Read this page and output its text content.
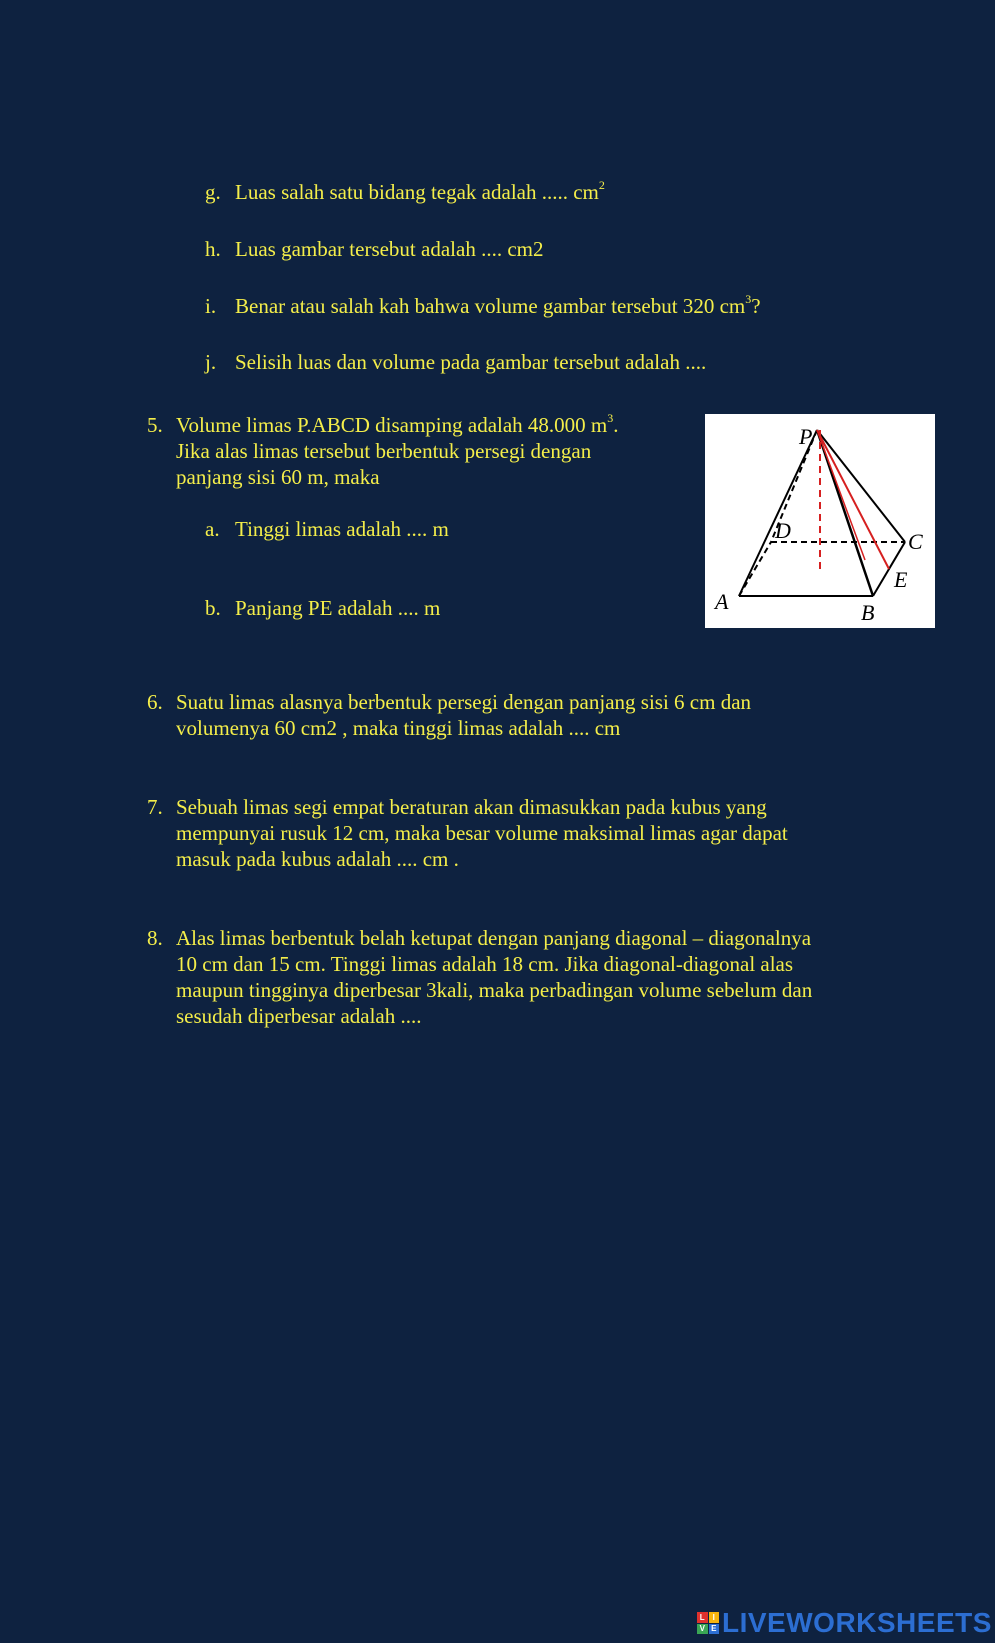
g. Luas salah satu bidang tegak adalah ..... $cm^2$
h. Luas gambar tersebut adalah .... cm2
i. Benar atau salah kah bahwa volume gambar tersebut 320 $cm^3$?
j. Selisih luas dan volume pada gambar tersebut adalah ....
5. Volume limas P.ABCD disamping adalah 48.000 $m^3$.
Jika alas limas tersebut berbentuk persegi dengan
panjang sisi 60 m, maka
a. Tinggi limas adalah .... m
b. Panjang PE adalah .... m
P
D	C
E
A	B
6. Suatu limas alasnya berbentuk persegi dengan panjang sisi 6 cm dan
volumenya 60 cm2 , maka tinggi limas adalah .... cm
7. Sebuah limas segi empat beraturan akan dimasukkan pada kubus yang
mempunyai rusuk 12 cm, maka besar volume maksimal limas agar dapat
masuk pada kubus adalah .... cm .
8. Alas limas berbentuk belah ketupat dengan panjang diagonal – diagonalnya
10 cm dan 15 cm. Tinggi limas adalah 18 cm. Jika diagonal-diagonal alas
maupun tingginya diperbesar 3kali, maka perbadingan volume sebelum dan
sesudah diperbesar adalah ....
L I
V E LIVEWORKSHEETS
